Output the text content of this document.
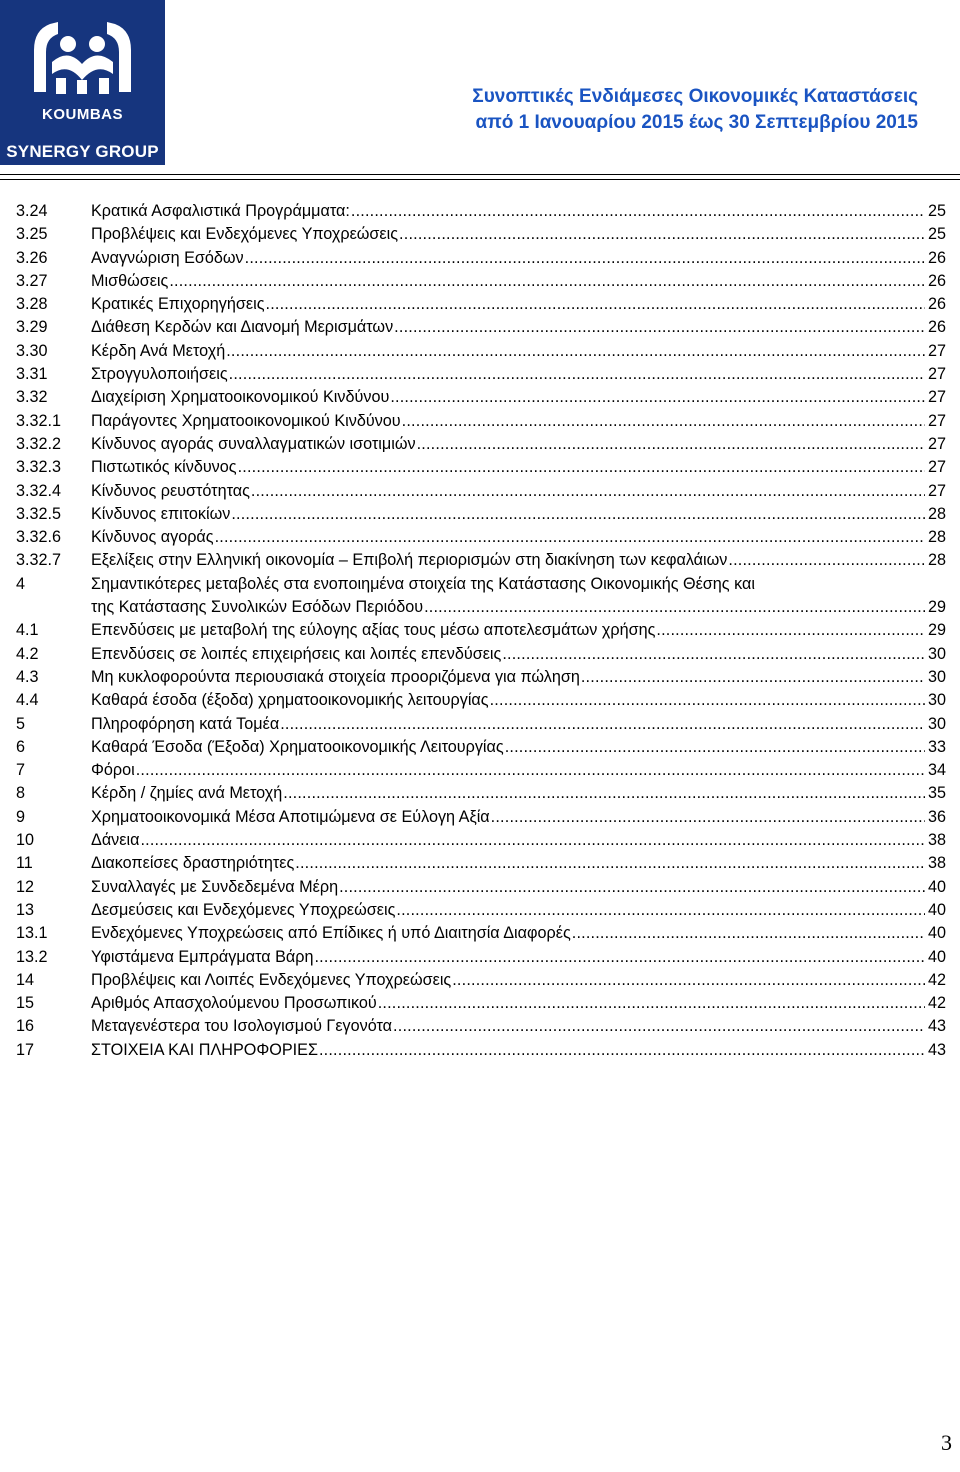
KOUMBAS
SYNERGY GROUP
Συνοπτικές Ενδιάμεσες Οικονομικές Καταστάσεις
από 1 Ιανουαρίου 2015 έως 30 Σεπτεμβρίου 2015
3.24	Κρατικά Ασφαλιστικά Προγράμματα: .....	25
3.25	Προβλέψεις και Ενδεχόμενες Υποχρεώσεις .....	25
3.26	Αναγνώριση Εσόδων .....	26
3.27	Μισθώσεις .....	26
3.28	Κρατικές Επιχορηγήσεις .....	26
3.29	Διάθεση Κερδών και Διανομή Μερισμάτων .....	26
3.30	Κέρδη Ανά Μετοχή .....	27
3.31	Στρογγυλοποιήσεις .....	27
3.32	Διαχείριση Χρηματοοικονομικού Κινδύνου .....	27
3.32.1 Παράγοντες Χρηματοοικονομικού Κινδύνου .....	27
3.32.2 Κίνδυνος αγοράς συναλλαγματικών ισοτιμιών .....	27
3.32.3 Πιστωτικός κίνδυνος .....	27
3.32.4 Κίνδυνος ρευστότητας .....	27
3.32.5 Κίνδυνος επιτοκίων .....	28
3.32.6 Κίνδυνος αγοράς .....	28
3.32.7 Εξελίξεις στην Ελληνική οικονομία – Επιβολή περιορισμών στη διακίνηση των κεφαλάιων .....	28
4	Σημαντικότερες μεταβολές στα ενοποιημένα στοιχεία της Κατάστασης Οικονομικής Θέσης και
της Κατάστασης Συνολικών Εσόδων Περιόδου .....	29
4.1	Επενδύσεις με μεταβολή της εύλογης αξίας τους μέσω αποτελεσμάτων χρήσης .....	29
4.2	Επενδύσεις σε λοιπές επιχειρήσεις και λοιπές επενδύσεις .....	30
4.3	Μη κυκλοφορούντα περιουσιακά στοιχεία προοριζόμενα για πώληση .....	30
4.4	Καθαρά έσοδα (έξοδα) χρηματοοικονομικής λειτουργίας .....	30
5	Πληροφόρηση κατά Τομέα .....	30
6	Καθαρά Έσοδα (Έξοδα) Χρηματοοικονομικής Λειτουργίας .....	33
7	Φόροι .....	34
8	Κέρδη / ζημίες ανά Μετοχή .....	35
9	Χρηματοοικονομικά Μέσα Αποτιμώμενα σε Εύλογη Αξία .....	36
10	Δάνεια .....	38
11	Διακοπείσες δραστηριότητες .....	38
12	Συναλλαγές με Συνδεδεμένα Μέρη .....	40
13	Δεσμεύσεις και Ενδεχόμενες Υποχρεώσεις .....	40
13.1	Ενδεχόμενες Υποχρεώσεις από Επίδικες ή υπό Διαιτησία Διαφορές .....	40
13.2	Υφιστάμενα Εμπράγματα Βάρη .....	40
14	Προβλέψεις και Λοιπές Ενδεχόμενες Υποχρεώσεις .....	42
15	Αριθμός Απασχολούμενου Προσωπικού .....	42
16	Μεταγενέστερα του Ισολογισμού Γεγονότα .....	43
17	ΣΤΟΙΧΕΙΑ ΚΑΙ ΠΛΗΡΟΦΟΡΙΕΣ .....	43
3
